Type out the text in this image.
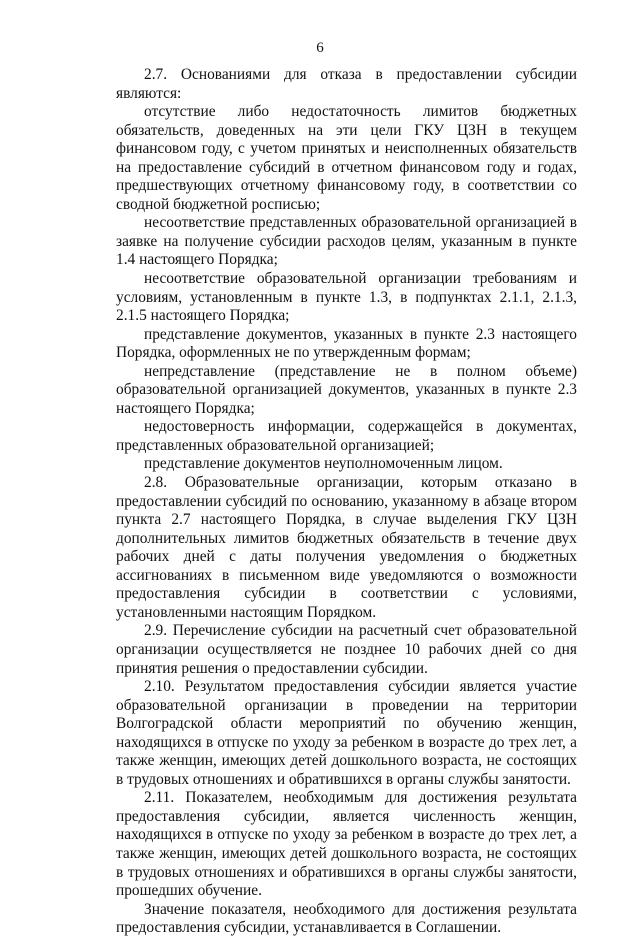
6

2.7. Основаниями для отказа в предоставлении субсидии являются:

отсутствие либо недостаточность лимитов бюджетных обязательств, доведенных на эти цели ГКУ ЦЗН в текущем финансовом году, с учетом принятых и неисполненных обязательств на предоставление субсидий в отчетном финансовом году и годах, предшествующих отчетному финансовому году, в соответствии со сводной бюджетной росписью;

несоответствие представленных образовательной организацией в заявке на получение субсидии расходов целям, указанным в пункте 1.4 настоящего Порядка;

несоответствие образовательной организации требованиям и условиям, установленным в пункте 1.3, в подпунктах 2.1.1, 2.1.3, 2.1.5 настоящего Порядка;

представление документов, указанных в пункте 2.3 настоящего Порядка, оформленных не по утвержденным формам;

непредставление (представление не в полном объеме) образовательной организацией документов, указанных в пункте 2.3 настоящего Порядка;

недостоверность информации, содержащейся в документах, представленных образовательной организацией;

представление документов неуполномоченным лицом.

2.8. Образовательные организации, которым отказано в предоставлении субсидий по основанию, указанному в абзаце втором пункта 2.7 настоящего Порядка, в случае выделения ГКУ ЦЗН дополнительных лимитов бюджетных обязательств в течение двух рабочих дней с даты получения уведомления о бюджетных ассигнованиях в письменном виде уведомляются о возможности предоставления субсидии в соответствии с условиями, установленными настоящим Порядком.

2.9. Перечисление субсидии на расчетный счет образовательной организации осуществляется не позднее 10 рабочих дней со дня принятия решения о предоставлении субсидии.

2.10. Результатом предоставления субсидии является участие образовательной организации в проведении на территории Волгоградской области мероприятий по обучению женщин, находящихся в отпуске по уходу за ребенком в возрасте до трех лет, а также женщин, имеющих детей дошкольного возраста, не состоящих в трудовых отношениях и обратившихся в органы службы занятости.

2.11. Показателем, необходимым для достижения результата предоставления субсидии, является численность женщин, находящихся в отпуске по уходу за ребенком в возрасте до трех лет, а также женщин, имеющих детей дошкольного возраста, не состоящих в трудовых отношениях и обратившихся в органы службы занятости, прошедших обучение.

Значение показателя, необходимого для достижения результата предоставления субсидии, устанавливается в Соглашении.
